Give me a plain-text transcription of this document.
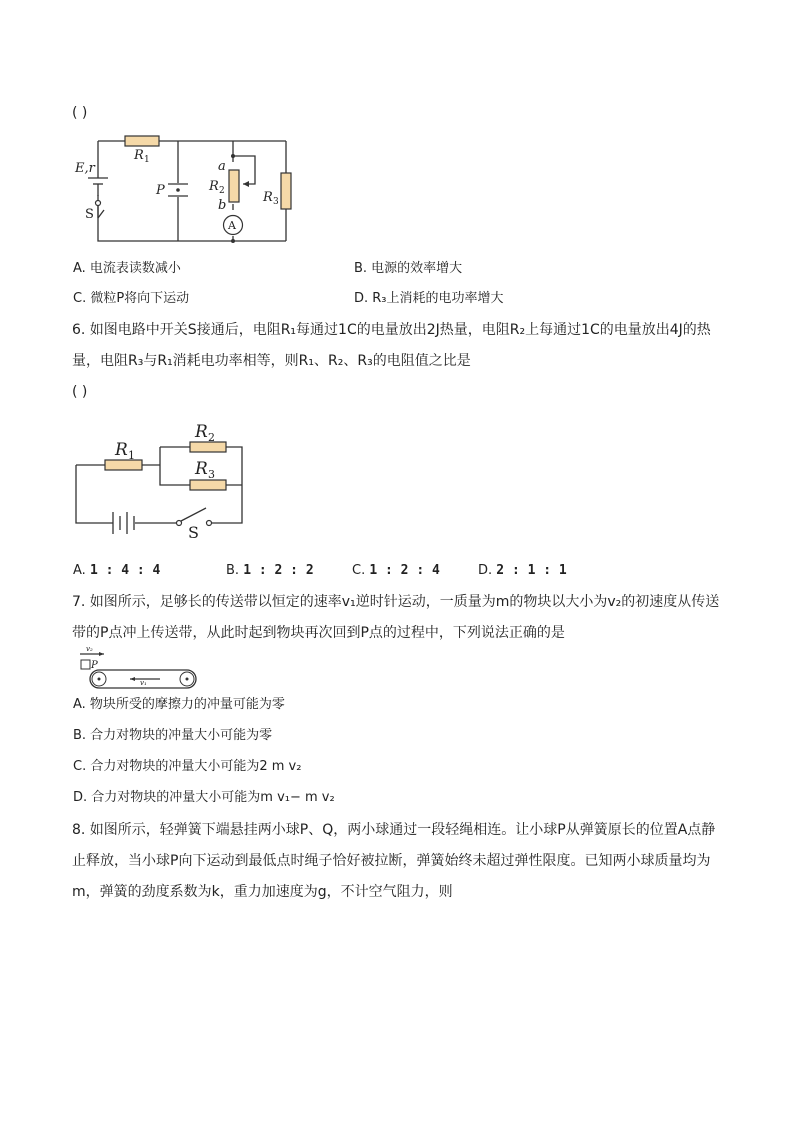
( )
E,r
R 1
P
a
R 2
b
R 3
S
A
A. 电流表读数减小	B. 电源的效率增大
C. 微粒P将向下运动	D. R₃上消耗的电功率增大
6. 如图电路中开关S接通后，电阻R₁每通过1C的电量放出2J热量，电阻R₂上每通过1C的电量放出4J的热
量，电阻R₃与R₁消耗电功率相等，则R₁、R₂、R₃的电阻值之比是
( )
R 1
R 2
R 3
S
A. 1 : 4 : 4	B. 1 : 2 : 2	C. 1 : 2 : 4	D. 2 : 1 : 1
7. 如图所示，足够长的传送带以恒定的速率v₁逆时针运动，一质量为m的物块以大小为v₂的初速度从传送
带的P点冲上传送带，从此时起到物块再次回到P点的过程中，下列说法正确的是
v₂
P
v₁
A. 物块所受的摩擦力的冲量可能为零
B. 合力对物块的冲量大小可能为零
C. 合力对物块的冲量大小可能为2 m v₂
D. 合力对物块的冲量大小可能为m v₁− m v₂
8. 如图所示，轻弹簧下端悬挂两小球P、Q，两小球通过一段轻绳相连。让小球P从弹簧原长的位置A点静
止释放，当小球P向下运动到最低点时绳子恰好被拉断，弹簧始终未超过弹性限度。已知两小球质量均为
m，弹簧的劲度系数为k，重力加速度为g，不计空气阻力，则
